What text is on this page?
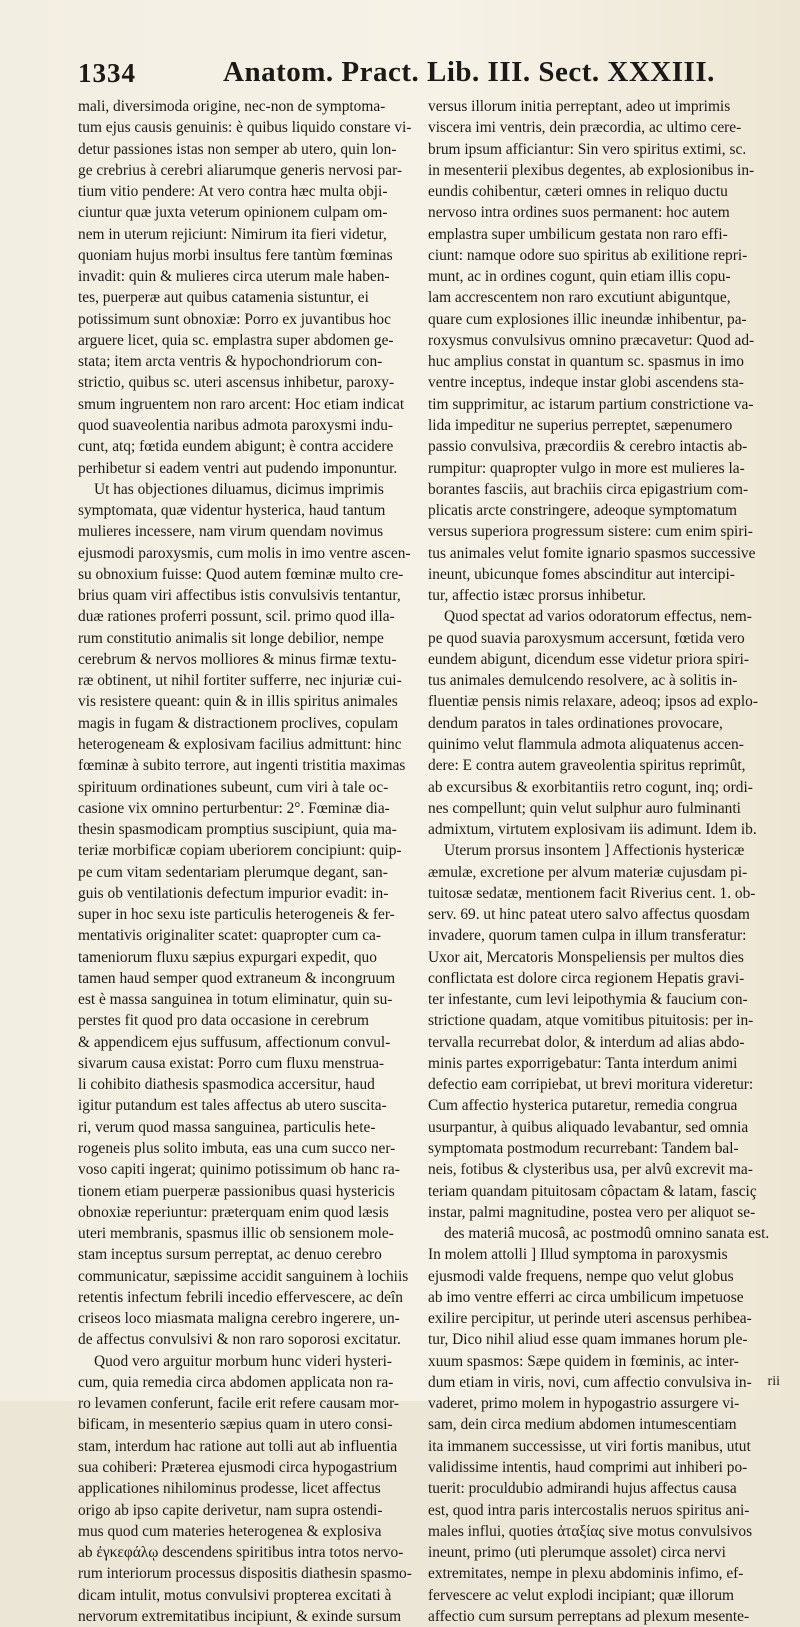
1334	Anatom. Pract. Lib. III. Sect. XXXIII.
mali, diversimoda origine, nec-non de symptoma-
tum ejus causis genuinis: è quibus liquido constare vi-
detur passiones istas non semper ab utero, quin lon-
ge crebrius à cerebri aliarumque generis nervosi par-
tium vitio pendere: At vero contra hæc multa obji-
ciuntur quæ juxta veterum opinionem culpam om-
nem in uterum rejiciunt: Nimirum ita fieri videtur,
quoniam hujus morbi insultus fere tantùm fœminas
invadit: quin & mulieres circa uterum male haben-
tes, puerperæ aut quibus catamenia sistuntur, ei
potissimum sunt obnoxiæ: Porro ex juvantibus hoc
arguere licet, quia sc. emplastra super abdomen ge-
stata; item arcta ventris & hypochondriorum con-
strictio, quibus sc. uteri ascensus inhibetur, paroxy-
smum ingruentem non raro arcent: Hoc etiam indicat
quod suaveolentia naribus admota paroxysmi indu-
cunt, atq; fœtida eundem abigunt; è contra accidere
perhibetur si eadem ventri aut pudendo imponuntur.
Ut has objectiones diluamus, dicimus imprimis
symptomata, quæ videntur hysterica, haud tantum
mulieres incessere, nam virum quendam novimus
ejusmodi paroxysmis, cum molis in imo ventre ascen-
su obnoxium fuisse: Quod autem fœminæ multo cre-
brius quam viri affectibus istis convulsivis tentantur,
duæ rationes proferri possunt, scil. primo quod illa-
rum constitutio animalis sit longe debilior, nempe
cerebrum & nervos molliores & minus firmæ textu-
ræ obtinent, ut nihil fortiter sufferre, nec injuriæ cui-
vis resistere queant: quin & in illis spiritus animales
magis in fugam & distractionem proclives, copulam
heterogeneam & explosivam facilius admittunt: hinc
fœminæ à subito terrore, aut ingenti tristitia maximas
spirituum ordinationes subeunt, cum viri à tale oc-
casione vix omnino perturbentur: 2°. Fœminæ dia-
thesin spasmodicam promptius suscipiunt, quia ma-
teriæ morbificæ copiam uberiorem concipiunt: quip-
pe cum vitam sedentariam plerumque degant, san-
guis ob ventilationis defectum impurior evadit: in-
super in hoc sexu iste particulis heterogeneis & fer-
mentativis originaliter scatet: quapropter cum ca-
tameniorum fluxu sæpius expurgari expedit, quo
tamen haud semper quod extraneum & incongruum
est è massa sanguinea in totum eliminatur, quin su-
perstes fit quod pro data occasione in cerebrum
& appendicem ejus suffusum, affectionum convul-
sivarum causa existat: Porro cum fluxu menstrua-
li cohibito diathesis spasmodica accersitur, haud
igitur putandum est tales affectus ab utero suscita-
ri, verum quod massa sanguinea, particulis hete-
rogeneis plus solito imbuta, eas una cum succo ner-
voso capiti ingerat; quinimo potissimum ob hanc ra-
tionem etiam puerperæ passionibus quasi hystericis
obnoxiæ reperiuntur: præterquam enim quod læsis
uteri membranis, spasmus illic ob sensionem mole-
stam inceptus sursum perreptat, ac denuo cerebro
communicatur, sæpissime accidit sanguinem à lochiis
retentis infectum febrili incedio effervescere, ac deîn
criseos loco miasmata maligna cerebro ingerere, un-
de affectus convulsivi & non raro soporosi excitatur.
Quod vero arguitur morbum hunc videri hysteri-
cum, quia remedia circa abdomen applicata non ra-
ro levamen conferunt, facile erit refere causam mor-
bificam, in mesenterio sæpius quam in utero consi-
stam, interdum hac ratione aut tolli aut ab influentia
sua cohiberi: Præterea ejusmodi circa hypogastrium
applicationes nihilominus prodesse, licet affectus
origo ab ipso capite derivetur, nam supra ostendi-
mus quod cum materies heterogenea & explosiva
ab ἐγκεφάλῳ descendens spiritibus intra totos nervo-
rum interiorum processus dispositis diathesin spasmo-
dicam intulit, motus convulsivi propterea excitati à
nervorum extremitatibus incipiunt, & exinde sursum
versus illorum initia perreptant, adeo ut imprimis
viscera imi ventris, dein præcordia, ac ultimo cere-
brum ipsum afficiantur: Sin vero spiritus extimi, sc.
in mesenterii plexibus degentes, ab explosionibus in-
eundis cohibentur, cæteri omnes in reliquo ductu
nervoso intra ordines suos permanent: hoc autem
emplastra super umbilicum gestata non raro effi-
ciunt: namque odore suo spiritus ab exilitione repri-
munt, ac in ordines cogunt, quin etiam illis copu-
lam accrescentem non raro excutiunt abiguntque,
quare cum explosiones illic ineundæ inhibentur, pa-
roxysmus convulsivus omnino præcavetur: Quod ad-
huc amplius constat in quantum sc. spasmus in imo
ventre inceptus, indeque instar globi ascendens sta-
tim supprimitur, ac istarum partium constrictione va-
lida impeditur ne superius perreptet, sæpenumero
passio convulsiva, præcordiis & cerebro intactis ab-
rumpitur: quapropter vulgo in more est mulieres la-
borantes fasciis, aut brachiis circa epigastrium com-
plicatis arcte constringere, adeoque symptomatum
versus superiora progressum sistere: cum enim spiri-
tus animales velut fomite ignario spasmos successive
ineunt, ubicunque fomes abscinditur aut intercipi-
tur, affectio istæc prorsus inhibetur.
Quod spectat ad varios odoratorum effectus, nem-
pe quod suavia paroxysmum accersunt, fœtida vero
eundem abigunt, dicendum esse videtur priora spiri-
tus animales demulcendo resolvere, ac à solitis in-
fluentiæ pensis nimis relaxare, adeoq; ipsos ad explo-
dendum paratos in tales ordinationes provocare,
quinimo velut flammula admota aliquatenus accen-
dere: E contra autem graveolentia spiritus reprimût,
ab excursibus & exorbitantiis retro cogunt, inq; ordi-
nes compellunt; quin velut sulphur auro fulminanti
admixtum, virtutem explosivam iis adimunt. Idem ib.
Uterum prorsus insontem ] Affectionis hystericæ
æmulæ, excretione per alvum materiæ cujusdam pi-
tuitosæ sedatæ, mentionem facit Riverius cent. 1. ob-
serv. 69. ut hinc pateat utero salvo affectus quosdam
invadere, quorum tamen culpa in illum transferatur:
Uxor ait, Mercatoris Monspeliensis per multos dies
conflictata est dolore circa regionem Hepatis gravi-
ter infestante, cum levi leipothymia & faucium con-
strictione quadam, atque vomitibus pituitosis: per in-
tervalla recurrebat dolor, & interdum ad alias abdo-
minis partes exporrigebatur: Tanta interdum animi
defectio eam corripiebat, ut brevi moritura videretur:
Cum affectio hysterica putaretur, remedia congrua
usurpantur, à quibus aliquado levabantur, sed omnia
symptomata postmodum recurrebant: Tandem bal-
neis, fotibus & clysteribus usa, per alvû excrevit ma-
teriam quandam pituitosam côpactam & latam, fasciç
instar, palmi magnitudine, postea vero per aliquot se-
des materiâ mucosâ, ac postmodû omnino sanata est.
In molem attolli ] Illud symptoma in paroxysmis
ejusmodi valde frequens, nempe quo velut globus
ab imo ventre efferri ac circa umbilicum impetuose
exilire percipitur, ut perinde uteri ascensus perhibea-
tur, Dico nihil aliud esse quam immanes horum ple-
xuum spasmos: Sæpe quidem in fœminis, ac inter-
dum etiam in viris, novi, cum affectio convulsiva in-
vaderet, primo molem in hypogastrio assurgere vi-
sam, dein circa medium abdomen intumescentiam
ita immanem successisse, ut viri fortis manibus, utut
validissime intentis, haud comprimi aut inhiberi po-
tuerit: proculdubio admirandi hujus affectus causa
est, quod intra paris intercostalis neruos spiritus ani-
males influi, quoties ἀταξίας sive motus convulsivos
ineunt, primo (uti plerumque assolet) circa nervi
extremitates, nempe in plexu abdominis infimo, ef-
fervescere ac velut explodi incipiant; quæ illorum
affectio cum sursum perreptans ad plexum mesente-
rii
